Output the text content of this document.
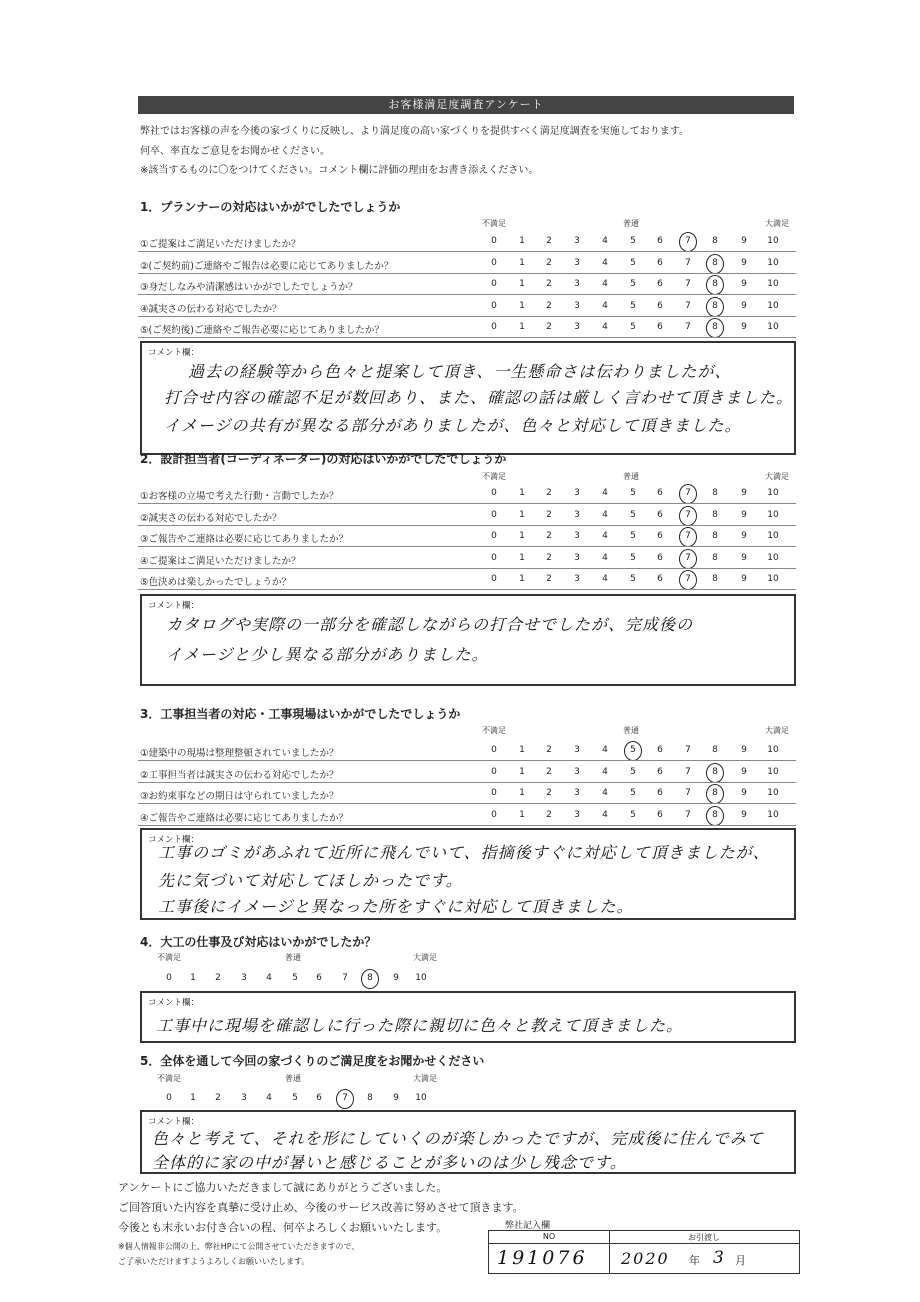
お客様満足度調査アンケート
弊社ではお客様の声を今後の家づくりに反映し、より満足度の高い家づくりを提供すべく満足度調査を実施しております。
何卒、率直なご意見をお聞かせください。
※該当するものに〇をつけてください。コメント欄に評価の理由をお書き添えください。
1．プランナーの対応はいかがでしたでしょうか
コメント欄：
過去の経験等から色々と提案して頂き、一生懸命さは伝わりましたが、
打合せ内容の確認不足が数回あり、また、確認の話は厳しく言わせて頂きました。
イメージの共有が異なる部分がありましたが、色々と対応して頂きました。
2．設計担当者(コーディネーター)の対応はいかがでしたでしょうか
コメント欄：
カタログや実際の一部分を確認しながらの打合せでしたが、完成後の
イメージと少し異なる部分がありました。
3．工事担当者の対応・工事現場はいかがでしたでしょうか
コメント欄：
工事のゴミがあふれて近所に飛んでいて、指摘後すぐに対応して頂きましたが、
先に気づいて対応してほしかったです。
工事後にイメージと異なった所をすぐに対応して頂きました。
4．大工の仕事及び対応はいかがでしたか？
コメント欄：
工事中に現場を確認しに行った際に親切に色々と教えて頂きました。
5．全体を通して今回の家づくりのご満足度をお聞かせください
コメント欄：
色々と考えて、それを形にしていくのが楽しかったですが、完成後に住んでみて
全体的に家の中が暑いと感じることが多いのは少し残念です。
アンケートにご協力いただきまして誠にありがとうございました。
ご回答頂いた内容を真摯に受け止め、今後のサービス改善に努めさせて頂きます。
今後とも末永いお付き合いの程、何卒よろしくお願いいたします。
※個人情報非公開の上、弊社HPにて公開させていただきますので、
ご了承いただけますようよろしくお願いいたします。
弊社記入欄
NO	お引渡し
191076 2020 年 3 月
不満足	普通	大満足
①ご提案はご満足いただけましたか？	0	1	2	3	4	5	6	7	8	9	10
②(ご契約前)ご連絡やご報告は必要に応じてありましたか？	0	1	2	3	4	5	6	7	8	9	10
③身だしなみや清潔感はいかがでしたでしょうか？	0	1	2	3	4	5	6	7	8	9	10
④誠実さの伝わる対応でしたか？	0	1	2	3	4	5	6	7	8	9	10
⑤(ご契約後)ご連絡やご報告必要に応じてありましたか？	0	1	2	3	4	5	6	7	8	9	10
不満足	普通	大満足
①お客様の立場で考えた行動・言動でしたか？	0	1	2	3	4	5	6	7	8	9	10
②誠実さの伝わる対応でしたか？	0	1	2	3	4	5	6	7	8	9	10
③ご報告やご連絡は必要に応じてありましたか？	0	1	2	3	4	5	6	7	8	9	10
④ご提案はご満足いただけましたか？	0	1	2	3	4	5	6	7	8	9	10
⑤色決めは楽しかったでしょうか？	0	1	2	3	4	5	6	7	8	9	10
不満足	普通	大満足
①建築中の現場は整理整頓されていましたか？	0	1	2	3	4	5	6	7	8	9	10
②工事担当者は誠実さの伝わる対応でしたか？	0	1	2	3	4	5	6	7	8	9	10
③お約束事などの期日は守られていましたか？	0	1	2	3	4	5	6	7	8	9	10
④ご報告やご連絡は必要に応じてありましたか？	0	1	2	3	4	5	6	7	8	9	10
不満足	普通	大満足
0	1	2	3	4	5	6	7	8	9	10
不満足	普通	大満足
0	1	2	3	4	5	6	7	8	9	10
